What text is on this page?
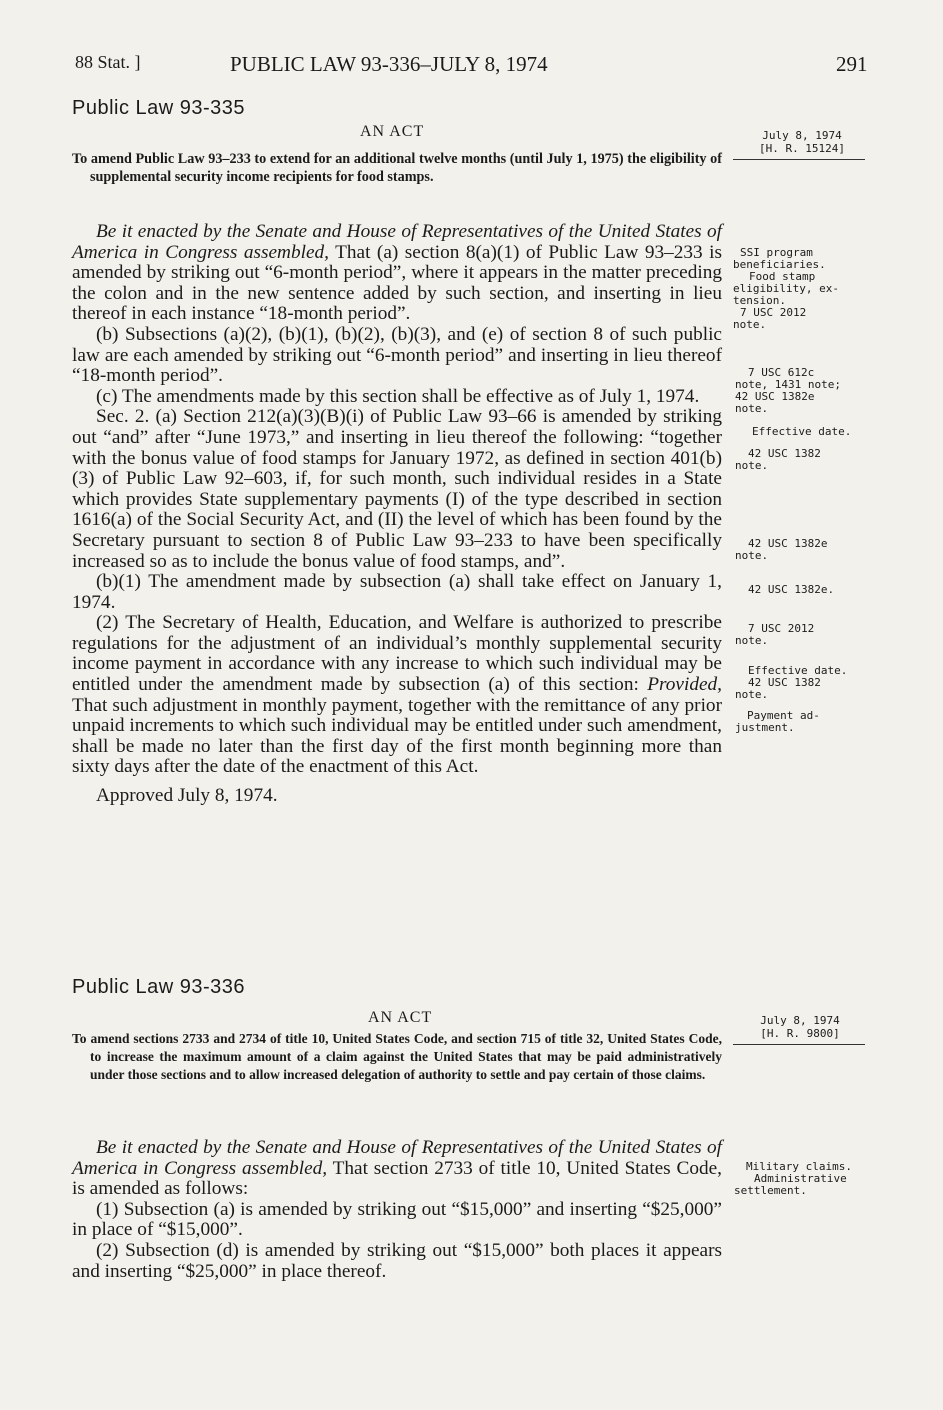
88 Stat. ]	PUBLIC LAW 93-336–JULY 8, 1974	291
Public Law 93-335
AN ACT	July 8, 1974
[H. R. 15124]
To amend Public Law 93–233 to extend for an additional twelve months (until July 1, 1975) the eligibility of supplemental security income recipients for food stamps.

Be it enacted by the Senate and House of Representatives of the United States of America in Congress assembled, That (a) section 8(a)(1) of Public Law 93–233 is amended by striking out “6-month period”, where it appears in the matter preceding the colon and in the new sentence added by such section, and inserting in lieu thereof in each instance “18-month period”.

(b) Subsections (a)(2), (b)(1), (b)(2), (b)(3), and (e) of section 8 of such public law are each amended by striking out “6-month period” and inserting in lieu thereof “18-month period”.

(c) The amendments made by this section shall be effective as of July 1, 1974.

Sec. 2. (a) Section 212(a)(3)(B)(i) of Public Law 93–66 is amended by striking out “and” after “June 1973,” and inserting in lieu thereof the following: “together with the bonus value of food stamps for January 1972, as defined in section 401(b)(3) of Public Law 92–603, if, for such month, such individual resides in a State which provides State supplementary payments (I) of the type described in section 1616(a) of the Social Security Act, and (II) the level of which has been found by the Secretary pursuant to section 8 of Public Law 93–233 to have been specifically increased so as to include the bonus value of food stamps, and”.

(b)(1) The amendment made by subsection (a) shall take effect on January 1, 1974.

(2) The Secretary of Health, Education, and Welfare is authorized to prescribe regulations for the adjustment of an individual’s monthly supplemental security income payment in accordance with any increase to which such individual may be entitled under the amendment made by subsection (a) of this section: Provided, That such adjustment in monthly payment, together with the remittance of any prior unpaid increments to which such individual may be entitled under such amendment, shall be made no later than the first day of the first month beginning more than sixty days after the date of the enactment of this Act.

Approved July 8, 1974.

SSI program
beneficiaries.
Food stamp
eligibility, ex-
tension.
7 USC 2012
note.
7 USC 612c
note, 1431 note;
42 USC 1382e
note.
Effective date.
42 USC 1382
note.
42 USC 1382e
note.
42 USC 1382e.
7 USC 2012
note.
Effective date.
42 USC 1382
note.
Payment ad-
justment.
Public Law 93-336
AN ACT	July 8, 1974
[H. R. 9800]
To amend sections 2733 and 2734 of title 10, United States Code, and section 715 of title 32, United States Code, to increase the maximum amount of a claim against the United States that may be paid administratively under those sections and to allow increased delegation of authority to settle and pay certain of those claims.

Be it enacted by the Senate and House of Representatives of the United States of America in Congress assembled, That section 2733 of title 10, United States Code, is amended as follows:

(1) Subsection (a) is amended by striking out “$15,000” and inserting “$25,000” in place of “$15,000”.

(2) Subsection (d) is amended by striking out “$15,000” both places it appears and inserting “$25,000” in place thereof.

Military claims.
Administrative
settlement.
